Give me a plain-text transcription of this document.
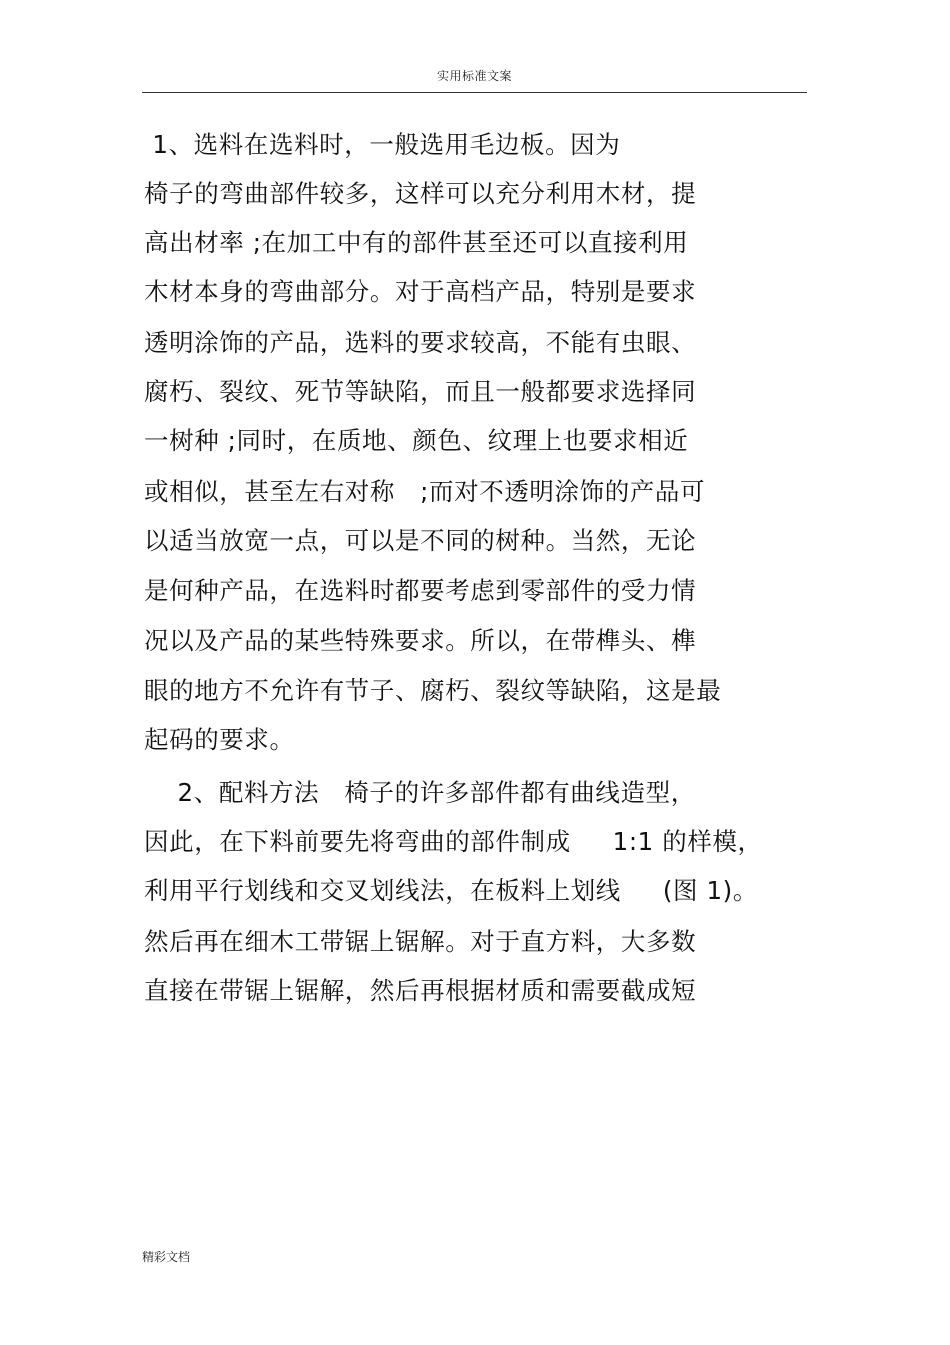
实用标准文案
1、选料在选料时，一般选用毛边板。因为
椅子的弯曲部件较多，这样可以充分利用木材，提
高出材率 ;在加工中有的部件甚至还可以直接利用
木材本身的弯曲部分。对于高档产品，特别是要求
透明涂饰的产品，选料的要求较高，不能有虫眼、
腐朽、裂纹、死节等缺陷，而且一般都要求选择同
一树种 ;同时，在质地、颜色、纹理上也要求相近
或相似，甚至左右对称   ;而对不透明涂饰的产品可
以适当放宽一点，可以是不同的树种。当然，无论
是何种产品，在选料时都要考虑到零部件的受力情
况以及产品的某些特殊要求。所以，在带榫头、榫
眼的地方不允许有节子、腐朽、裂纹等缺陷，这是最
起码的要求。
2、配料方法   椅子的许多部件都有曲线造型，
因此，在下料前要先将弯曲的部件制成     1:1 的样模，
利用平行划线和交叉划线法，在板料上划线     (图 1)。
然后再在细木工带锯上锯解。对于直方料，大多数
直接在带锯上锯解，然后再根据材质和需要截成短
精彩文档
